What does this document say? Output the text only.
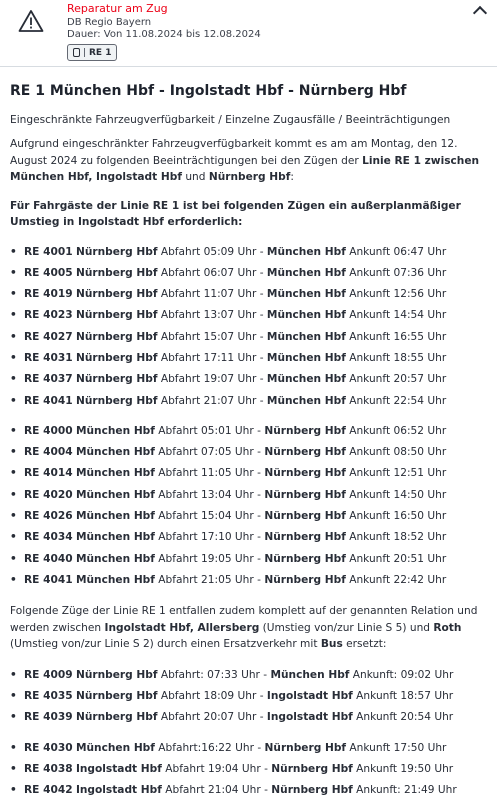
Reparatur am Zug
DB Regio Bayern
Dauer: Von 11.08.2024 bis 12.08.2024
RE 1
RE 1 München Hbf - Ingolstadt Hbf - Nürnberg Hbf
Eingeschränkte Fahrzeugverfügbarkeit / Einzelne Zugausfälle / Beeinträchtigungen

Aufgrund eingeschränkter Fahrzeugverfügbarkeit kommt es am am Montag, den 12. August 2024 zu folgenden Beeinträchtigungen bei den Zügen der Linie RE 1 zwischen München Hbf, Ingolstadt Hbf und Nürnberg Hbf:

Für Fahrgäste der Linie RE 1 ist bei folgenden Zügen ein außerplanmäßiger Umstieg in Ingolstadt Hbf erforderlich:

• RE 4001 Nürnberg Hbf Abfahrt 05:09 Uhr - München Hbf Ankunft 06:47 Uhr
• RE 4005 Nürnberg Hbf Abfahrt 06:07 Uhr - München Hbf Ankunft 07:36 Uhr
• RE 4019 Nürnberg Hbf Abfahrt 11:07 Uhr - München Hbf Ankunft 12:56 Uhr
• RE 4023 Nürnberg Hbf Abfahrt 13:07 Uhr - München Hbf Ankunft 14:54 Uhr
• RE 4027 Nürnberg Hbf Abfahrt 15:07 Uhr - München Hbf Ankunft 16:55 Uhr
• RE 4031 Nürnberg Hbf Abfahrt 17:11 Uhr - München Hbf Ankunft 18:55 Uhr
• RE 4037 Nürnberg Hbf Abfahrt 19:07 Uhr - München Hbf Ankunft 20:57 Uhr
• RE 4041 Nürnberg Hbf Abfahrt 21:07 Uhr - München Hbf Ankunft 22:54 Uhr
• RE 4000 München Hbf Abfahrt 05:01 Uhr - Nürnberg Hbf Ankunft 06:52 Uhr
• RE 4004 München Hbf Abfahrt 07:05 Uhr - Nürnberg Hbf Ankunft 08:50 Uhr
• RE 4014 München Hbf Abfahrt 11:05 Uhr - Nürnberg Hbf Ankunft 12:51 Uhr
• RE 4020 München Hbf Abfahrt 13:04 Uhr - Nürnberg Hbf Ankunft 14:50 Uhr
• RE 4026 München Hbf Abfahrt 15:04 Uhr - Nürnberg Hbf Ankunft 16:50 Uhr
• RE 4034 München Hbf Abfahrt 17:10 Uhr - Nürnberg Hbf Ankunft 18:52 Uhr
• RE 4040 München Hbf Abfahrt 19:05 Uhr - Nürnberg Hbf Ankunft 20:51 Uhr
• RE 4041 München Hbf Abfahrt 21:05 Uhr - Nürnberg Hbf Ankunft 22:42 Uhr

Folgende Züge der Linie RE 1 entfallen zudem komplett auf der genannten Relation und werden zwischen Ingolstadt Hbf, Allersberg (Umstieg von/zur Linie S 5) und Roth (Umstieg von/zur Linie S 2) durch einen Ersatzverkehr mit Bus ersetzt:

• RE 4009 Nürnberg Hbf Abfahrt: 07:33 Uhr - München Hbf Ankunft: 09:02 Uhr
• RE 4035 Nürnberg Hbf Abfahrt 18:09 Uhr - Ingolstadt Hbf Ankunft 18:57 Uhr
• RE 4039 Nürnberg Hbf Abfahrt 20:07 Uhr - Ingolstadt Hbf Ankunft 20:54 Uhr
• RE 4030 München Hbf Abfahrt:16:22 Uhr - Nürnberg Hbf Ankunft 17:50 Uhr
• RE 4038 Ingolstadt Hbf Abfahrt 19:04 Uhr - Nürnberg Hbf Ankunft 19:50 Uhr
• RE 4042 Ingolstadt Hbf Abfahrt 21:04 Uhr - Nürnberg Hbf Ankunft: 21:49 Uhr
